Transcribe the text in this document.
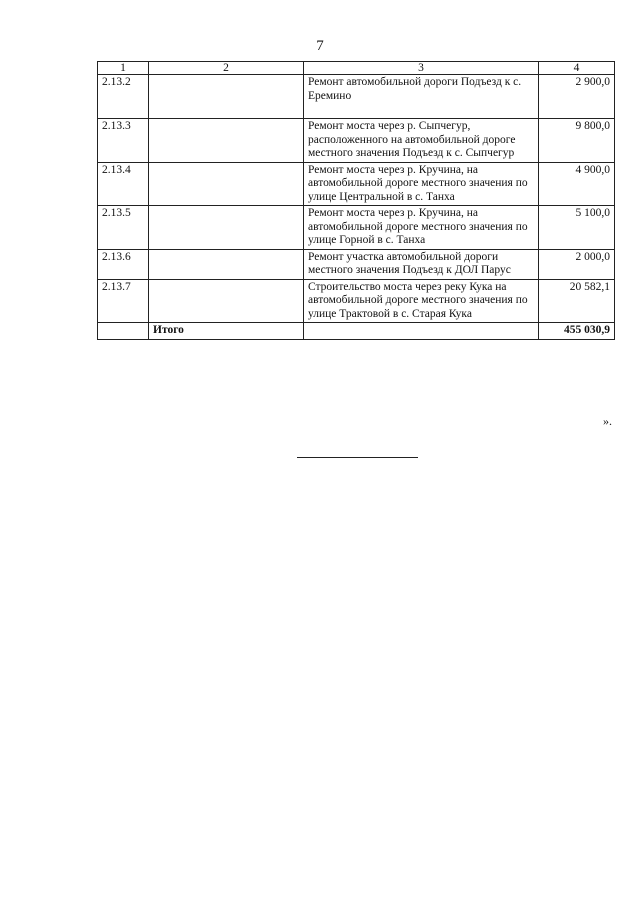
7
1	2	3	4
2.13.2		Ремонт автомобильной дороги Подъезд к с. Еремино	2 900,0
2.13.3		Ремонт моста через р. Сыпчегур, расположенного на автомобильной дороге местного значения Подъезд к с. Сыпчегур	9 800,0
2.13.4		Ремонт моста через р. Кручина, на автомобильной дороге местного значения по улице Центральной в с. Танха	4 900,0
2.13.5		Ремонт моста через р. Кручина, на автомобильной дороге местного значения по улице Горной в с. Танха	5 100,0
2.13.6		Ремонт участка автомобильной дороги местного значения Подъезд к ДОЛ Парус	2 000,0
2.13.7		Строительство моста через реку Кука на автомобильной дороге местного значения по улице Трактовой в с. Старая Кука	20 582,1
	Итого		455 030,9
».
